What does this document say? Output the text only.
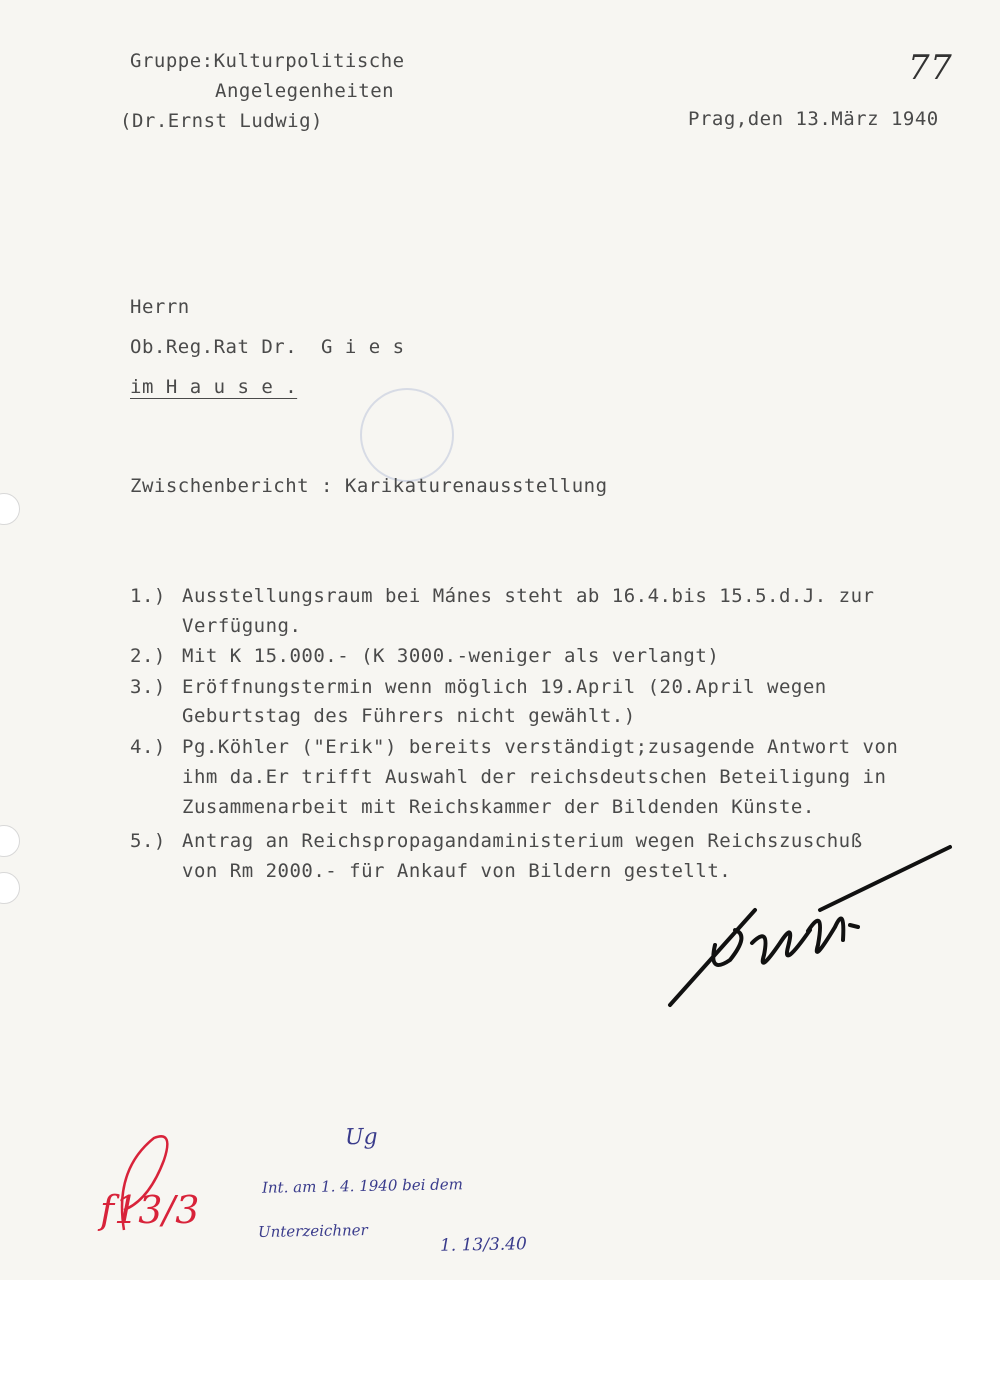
Gruppe:Kulturpolitische
Angelegenheiten
(Dr.Ernst Ludwig)
77
Prag,den 13.März 1940
Herrn
Ob.Reg.Rat Dr.  G i e s
im H a u s e .
Zwischenbericht : Karikaturenausstellung
1.) Ausstellungsraum bei Mánes steht ab 16.4.bis 15.5.d.J. zur
Verfügung.
2.) Mit K 15.000.- (K 3000.-weniger als verlangt)
3.) Eröffnungstermin wenn möglich 19.April (20.April wegen
Geburtstag des Führers nicht gewählt.)
4.) Pg.Köhler ("Erik") bereits verständigt;zusagende Antwort von
ihm da.Er trifft Auswahl der reichsdeutschen Beteiligung in
Zusammenarbeit mit Reichskammer der Bildenden Künste.
5.) Antrag an Reichspropagandaministerium wegen Reichszuschuß
von Rm 2000.- für Ankauf von Bildern gestellt.
Ug
Int. am 1. 4. 1940 bei dem
Unterzeichner
1. 13/3.40
f13/3
